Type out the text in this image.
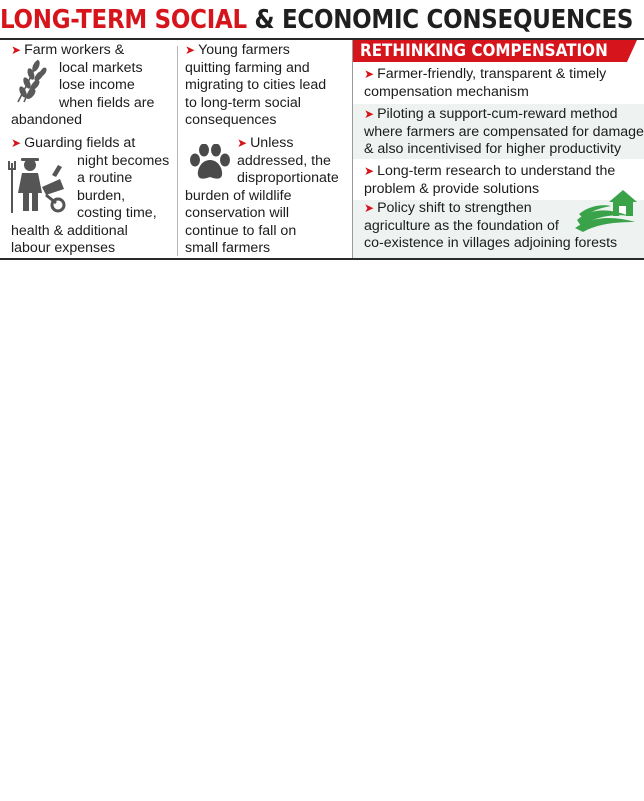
LONG-TERM SOCIAL & ECONOMIC CONSEQUENCES
➤ Farm workers &
local markets
lose income
when fields are
abandoned
➤ Guarding fields at
night becomes
a routine
burden,
costing time,
health & additional
labour expenses
➤ Young farmers
quitting farming and
migrating to cities lead
to long-term social
consequences
➤ Unless
addressed, the
disproportionate
burden of wildlife
conservation will
continue to fall on
small farmers
RETHINKING COMPENSATION
➤ Farmer-friendly, transparent & timely
compensation mechanism
➤ Piloting a support-cum-reward method
where farmers are compensated for damage
& also incentivised for higher productivity
➤ Long-term research to understand the
problem & provide solutions
➤ Policy shift to strengthen
agriculture as the foundation of
co-existence in villages adjoining forests
